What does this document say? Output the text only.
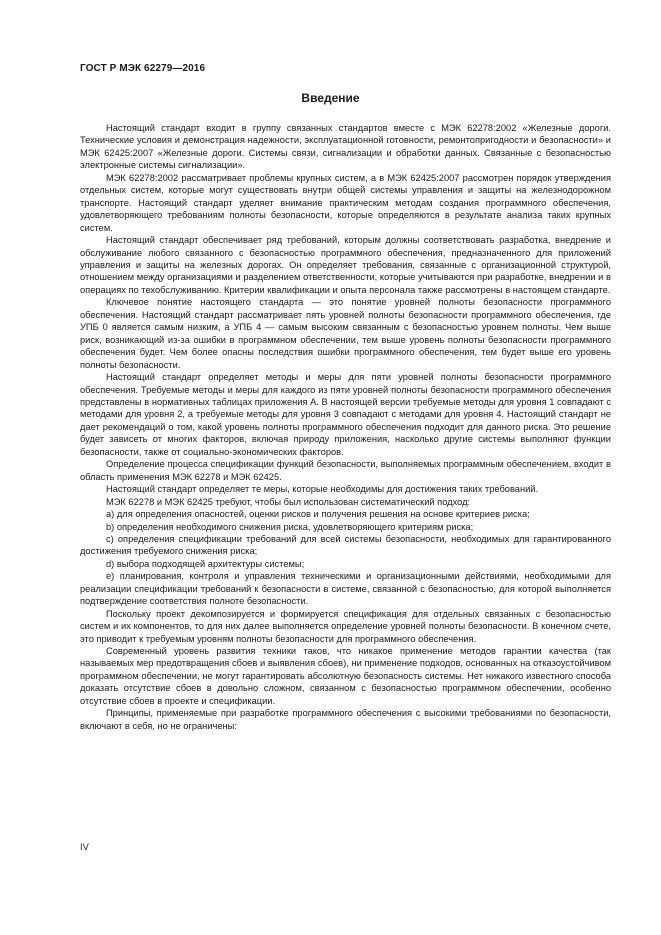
ГОСТ Р МЭК 62279—2016
Введение

Настоящий стандарт входит в группу связанных стандартов вместе с МЭК 62278:2002 «Железные дороги. Технические условия и демонстрация надежности, эксплуатационной готовности, ремонтопригодности и безопасности» и МЭК 62425:2007 «Железные дороги. Системы связи, сигнализации и обработки данных. Связанные с безопасностью электронные системы сигнализации».

МЭК 62278:2002 рассматривает проблемы крупных систем, а в МЭК 62425:2007 рассмотрен порядок утверждения отдельных систем, которые могут существовать внутри общей системы управления и защиты на железнодорожном транспорте. Настоящий стандарт уделяет внимание практическим методам создания программного обеспечения, удовлетворяющего требованиям полноты безопасности, которые определяются в результате анализа таких крупных систем.

Настоящий стандарт обеспечивает ряд требований, которым должны соответствовать разработка, внедрение и обслуживание любого связанного с безопасностью программного обеспечения, предназначенного для приложений управления и защиты на железных дорогах. Он определяет требования, связанные с организационной структурой, отношением между организациями и разделением ответственности, которые учитываются при разработке, внедрении и в операциях по техобслуживанию. Критерии квалификации и опыта персонала также рассмотрены в настоящем стандарте.

Ключевое понятие настоящего стандарта — это понятие уровней полноты безопасности программного обеспечения. Настоящий стандарт рассматривает пять уровней полноты безопасности программного обеспечения, где УПБ 0 является самым низким, а УПБ 4 — самым высоким связанным с безопасностью уровнем полноты. Чем выше риск, возникающий из-за ошибки в программном обеспечении, тем выше уровень полноты безопасности программного обеспечения будет. Чем более опасны последствия ошибки программного обеспечения, тем будет выше его уровень полноты безопасности.

Настоящий стандарт определяет методы и меры для пяти уровней полноты безопасности программного обеспечения. Требуемые методы и меры для каждого из пяти уровней полноты безопасности программного обеспечения представлены в нормативных таблицах приложения А. В настоящей версии требуемые методы для уровня 1 совпадают с методами для уровня 2, а требуемые методы для уровня 3 совпадают с методами для уровня 4. Настоящий стандарт не дает рекомендаций о том, какой уровень полноты программного обеспечения подходит для данного риска. Это решение будет зависеть от многих факторов, включая природу приложения, насколько другие системы выполняют функции безопасности, также от социально-экономических факторов.

Определение процесса спецификации функций безопасности, выполняемых программным обеспечением, входит в область применения МЭК 62278 и МЭК 62425.

Настоящий стандарт определяет те меры, которые необходимы для достижения таких требований.

МЭК 62278 и МЭК 62425 требуют, чтобы был использован систематический подход:

a) для определения опасностей, оценки рисков и получения решения на основе критериев риска;

b) определения необходимого снижения риска, удовлетворяющего критериям риска;

c) определения спецификации требований для всей системы безопасности, необходимых для гарантированного достижения требуемого снижения риска;

d) выбора подходящей архитектуры системы;

e) планирования, контроля и управления техническими и организационными действиями, необходимыми для реализации спецификации требований к безопасности в системе, связанной с безопасностью, для которой выполняется подтверждение соответствия полноте безопасности.

Поскольку проект декомпозируется и формируется спецификация для отдельных связанных с безопасностью систем и их компонентов, то для них далее выполняется определение уровней полноты безопасности. В конечном счете, это приводит к требуемым уровням полноты безопасности для программного обеспечения.

Современный уровень развития техники таков, что никакое применение методов гарантии качества (так называемых мер предотвращения сбоев и выявления сбоев), ни применение подходов, основанных на отказоустойчивом программном обеспечении, не могут гарантировать абсолютную безопасность системы. Нет никакого известного способа доказать отсутствие сбоев в довольно сложном, связанном с безопасностью программном обеспечении, особенно отсутствие сбоев в проекте и спецификации.

Принципы, применяемые при разработке программного обеспечения с высокими требованиями по безопасности, включают в себя, но не ограничены:

IV
